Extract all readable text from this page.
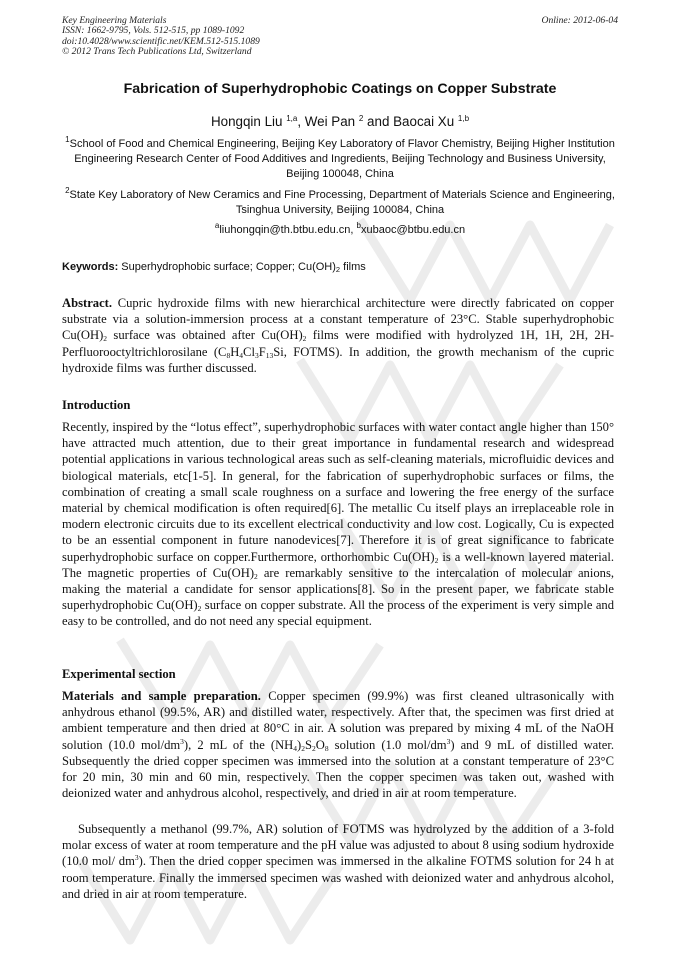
Key Engineering Materials
ISSN: 1662-9795, Vols. 512-515, pp 1089-1092
doi:10.4028/www.scientific.net/KEM.512-515.1089
© 2012 Trans Tech Publications Ltd, Switzerland
Online: 2012-06-04
Fabrication of Superhydrophobic Coatings on Copper Substrate
Hongqin Liu $^{1,a}$, Wei Pan $^2$ and Baocai Xu $^{1,b}$
$^1$School of Food and Chemical Engineering, Beijing Key Laboratory of Flavor Chemistry, Beijing Higher Institution Engineering Research Center of Food Additives and Ingredients, Beijing Technology and Business University, Beijing 100048, China
$^2$State Key Laboratory of New Ceramics and Fine Processing, Department of Materials Science and Engineering, Tsinghua University, Beijing 100084, China
$^a$liuhongqin@th.btbu.edu.cn, $^b$xubaoc@btbu.edu.cn
Keywords: Superhydrophobic surface; Copper; $Cu(OH)_2$ films
Abstract. Cupric hydroxide films with new hierarchical architecture were directly fabricated on copper substrate via a solution-immersion process at a constant temperature of 23°C. Stable superhydrophobic $Cu(OH)_2$ surface was obtained after $Cu(OH)_2$ films were modified with hydrolyzed 1H, 1H, 2H, 2H-Perfluorooctyltrichlorosilane ($C_8H_4Cl_3F_{13}Si$, FOTMS). In addition, the growth mechanism of the cupric hydroxide films was further discussed.
Introduction
Recently, inspired by the “lotus effect”, superhydrophobic surfaces with water contact angle higher than 150° have attracted much attention, due to their great importance in fundamental research and widespread potential applications in various technological areas such as self-cleaning materials, microfluidic devices and biological materials, etc[1-5]. In general, for the fabrication of superhydrophobic surfaces or films, the combination of creating a small scale roughness on a surface and lowering the free energy of the surface material by chemical modification is often required[6]. The metallic Cu itself plays an irreplaceable role in modern electronic circuits due to its excellent electrical conductivity and low cost. Logically, Cu is expected to be an essential component in future nanodevices[7]. Therefore it is of great significance to fabricate superhydrophobic surface on copper.Furthermore, orthorhombic $Cu(OH)_2$ is a well-known layered material. The magnetic properties of $Cu(OH)_2$ are remarkably sensitive to the intercalation of molecular anions, making the material a candidate for sensor applications[8]. So in the present paper, we fabricate stable superhydrophobic $Cu(OH)_2$ surface on copper substrate. All the process of the experiment is very simple and easy to be controlled, and do not need any special equipment.
Experimental section
Materials and sample preparation. Copper specimen (99.9%) was first cleaned ultrasonically with anhydrous ethanol (99.5%, AR) and distilled water, respectively. After that, the specimen was first dried at ambient temperature and then dried at 80°C in air. A solution was prepared by mixing 4 mL of the NaOH solution (10.0 mol/$dm^3$), 2 mL of the $(NH_4)_2S_2O_8$ solution (1.0 mol/$dm^3$) and 9 mL of distilled water. Subsequently the dried copper specimen was immersed into the solution at a constant temperature of 23°C for 20 min, 30 min and 60 min, respectively. Then the copper specimen was taken out, washed with deionized water and anhydrous alcohol, respectively, and dried in air at room temperature.
Subsequently a methanol (99.7%, AR) solution of FOTMS was hydrolyzed by the addition of a 3-fold molar excess of water at room temperature and the pH value was adjusted to about 8 using sodium hydroxide (10.0 mol/ $dm^3$). Then the dried copper specimen was immersed in the alkaline FOTMS solution for 24 h at room temperature. Finally the immersed specimen was washed with deionized water and anhydrous alcohol, and dried in air at room temperature.
